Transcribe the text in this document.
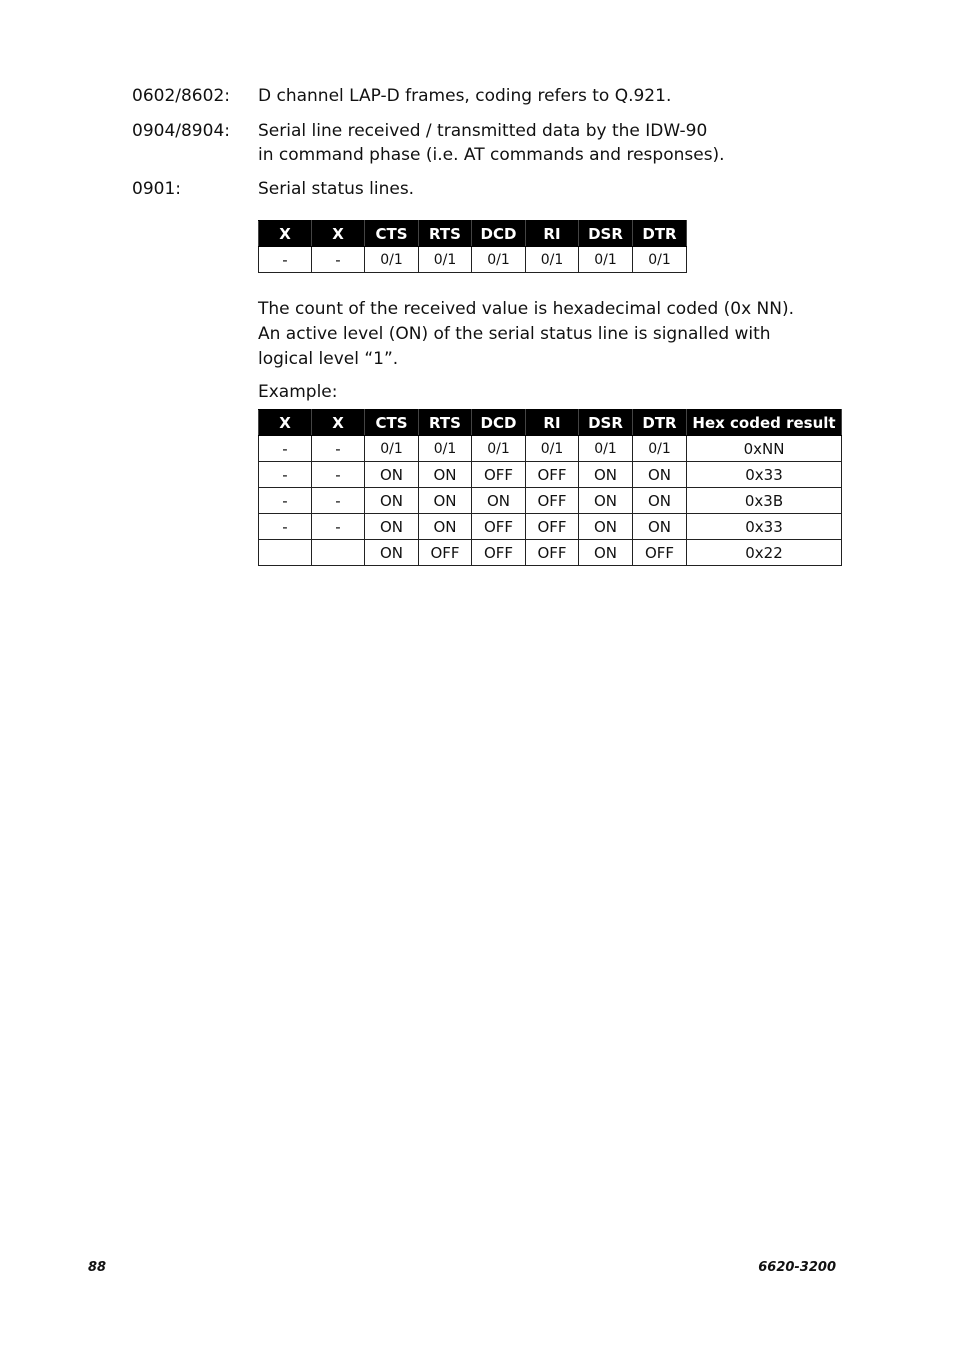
0602/8602: D channel LAP-D frames, coding refers to Q.921.
0904/8904: Serial line received / transmitted data by the IDW-90 in command phase (i.e. AT commands and responses).
0901:	Serial status lines.
X	X	CTS	RTS	DCD	RI	DSR	DTR
-	-	0/1	0/1	0/1	0/1	0/1	0/1
The count of the received value is hexadecimal coded (0x NN). An active level (ON) of the serial status line is signalled with logical level “1”.
Example:
X	X	CTS	RTS	DCD	RI	DSR	DTR	Hex coded result
-	-	0/1	0/1	0/1	0/1	0/1	0/1	0xNN
-	-	ON	ON	OFF	OFF	ON	ON	0x33
-	-	ON	ON	ON	OFF	ON	ON	0x3B
-	-	ON	ON	OFF	OFF	ON	ON	0x33
		ON	OFF	OFF	OFF	ON	OFF	0x22
88	6620-3200
